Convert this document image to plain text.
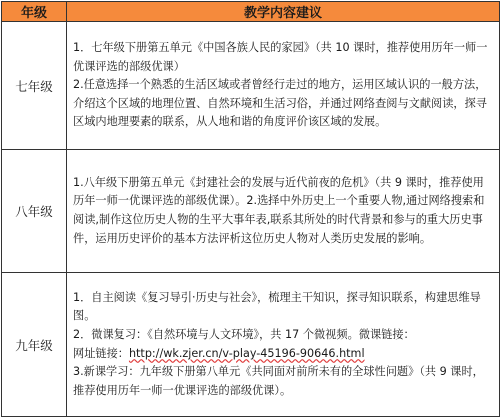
年级	教学内容建议
七年级	1．七年级下册第五单元《中国各族人民的家园》（共 10 课时，推荐使用历年一师一优课评选的部级优课）

2.任意选择一个熟悉的生活区域或者曾经行走过的地方，运用区域认识的一般方法，介绍这个区域的地理位置、自然环境和生活习俗，并通过网络查阅与文献阅读，探寻区域内地理要素的联系，从人地和谐的角度评价该区域的发展。

八年级	1.八年级下册第五单元《封建社会的发展与近代前夜的危机》（共 9 课时，推荐使用历年一师一优课评选的部级优课）。2.选择中外历史上一个重要人物,通过网络搜索和阅读,制作这位历史人物的生平大事年表,联系其所处的时代背景和参与的重大历史事件，运用历史评价的基本方法评析这位历史人物对人类历史发展的影响。

九年级	1．自主阅读《复习导引·历史与社会》，梳理主干知识，探寻知识联系，构建思维导图。

2．微课复习：《自然环境与人文环境》，共 17 个微视频。微课链接：

网址链接：http://wk.zjer.cn/v-play-45196-90646.html

3.新课学习：九年级下册第八单元《共同面对前所未有的全球性问题》（共 9 课时，推荐使用历年一师一优课评选的部级优课）。
